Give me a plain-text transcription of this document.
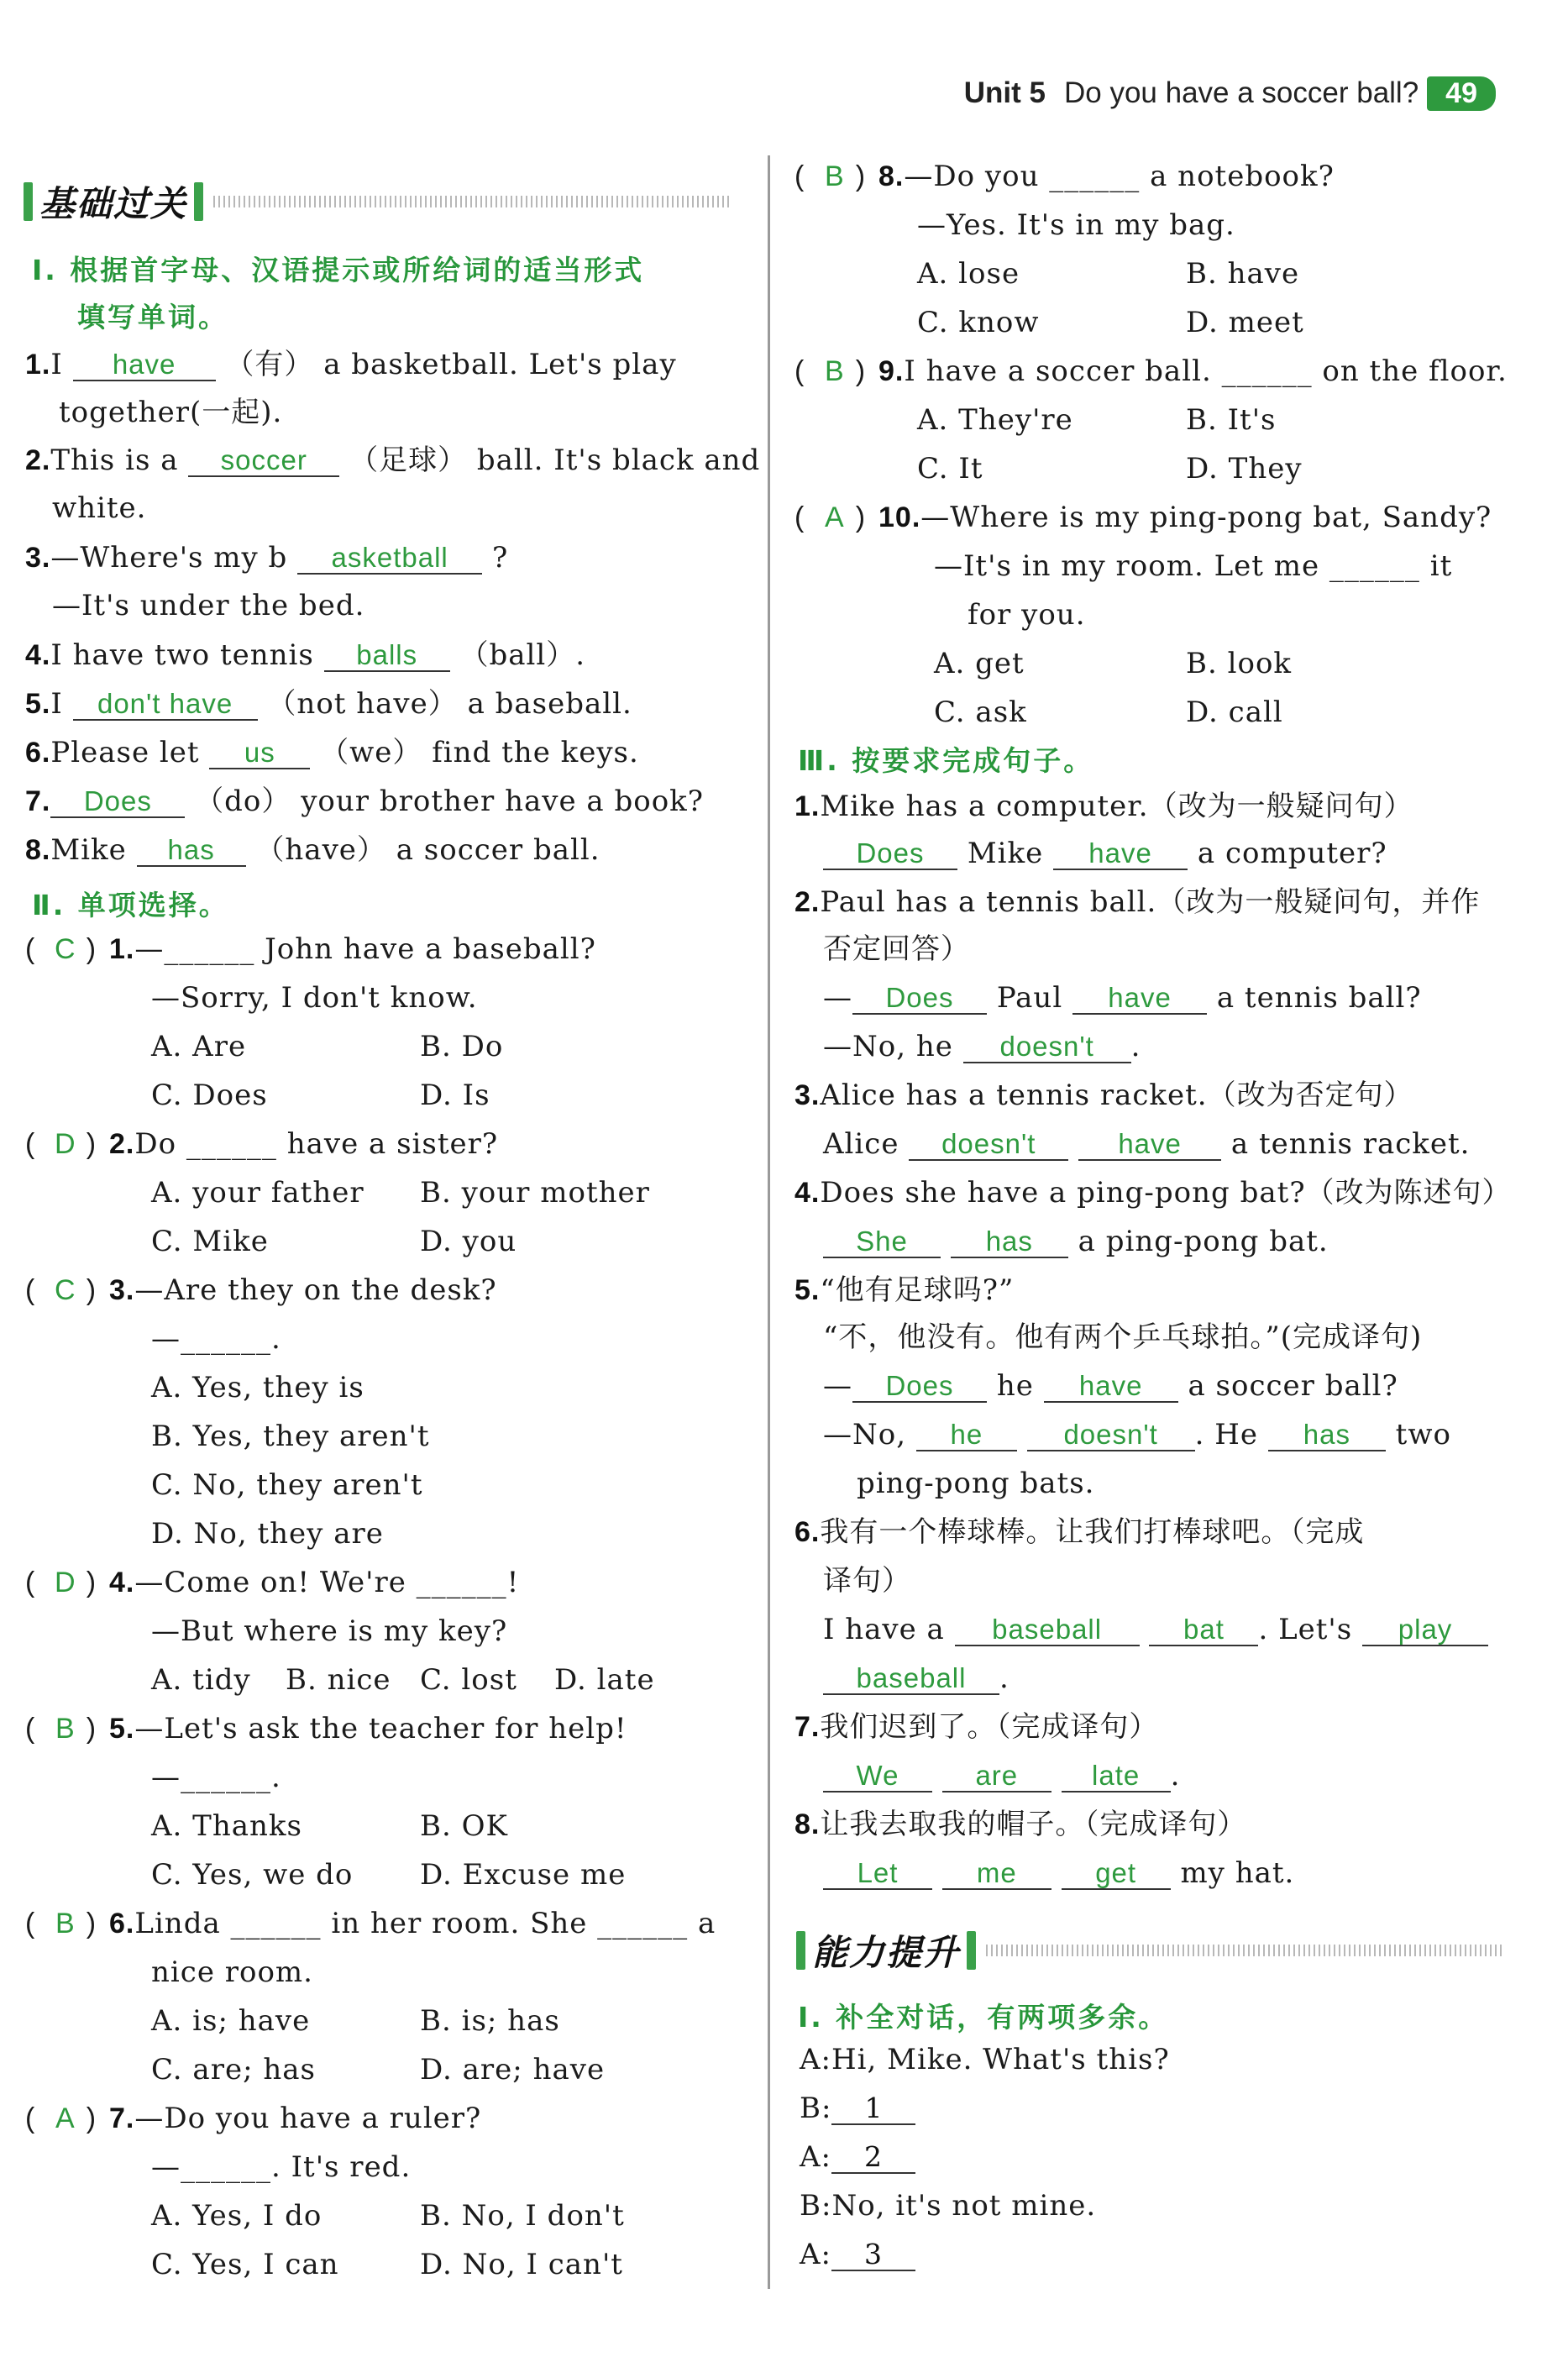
Unit 5 Do you have a soccer ball? 49
基础过关
Ⅰ. 根据首字母、汉语提示或所给词的适当形式
填写单词。
1.I have （有） a basketball. Let's play
together(一起).
2.This is a soccer （足球） ball. It's black and
white.
3.—Where's my b asketball ?
—It's under the bed.
4.I have two tennis balls （ball）.
5.I don't have （not have） a baseball.
6.Please let us （we） find the keys.
7. Does （do） your brother have a book?
8.Mike has （have） a soccer ball.
Ⅱ. 单项选择。
( C ) 1.—______ John have a baseball?
—Sorry, I don't know.
A. Are	B. Do
C. Does	D. Is
( D ) 2.Do ______ have a sister?
A. your father B. your mother
C. Mike	D. you
( C ) 3.—Are they on the desk?
—______.
A. Yes, they is
B. Yes, they aren't
C. No, they aren't
D. No, they are
( D ) 4.—Come on! We're ______!
—But where is my key?
A. tidy B. nice C. lost D. late
( B ) 5.—Let's ask the teacher for help!
—______.
A. Thanks	B. OK
C. Yes, we do D. Excuse me
( B ) 6.Linda ______ in her room. She ______ a
nice room.
A. is; have	B. is; has
C. are; has	D. are; have
( A ) 7.—Do you have a ruler?
—______. It's red.
A. Yes, I do	B. No, I don't
C. Yes, I can	D. No, I can't
( B ) 8.—Do you ______ a notebook?
—Yes. It's in my bag.
A. lose	B. have
C. know	D. meet
( B ) 9.I have a soccer ball. ______ on the floor.
A. They're	B. It's
C. It	D. They
( A ) 10.—Where is my ping-pong bat, Sandy?
—It's in my room. Let me ______ it
for you.
A. get	B. look
C. ask	D. call
Ⅲ. 按要求完成句子。
1.Mike has a computer.（改为一般疑问句）
Does Mike have a computer?
2.Paul has a tennis ball.（改为一般疑问句，并作
否定回答）
— Does Paul have a tennis ball?
—No, he doesn't .
3.Alice has a tennis racket.（改为否定句）
Alice doesn't	have a tennis racket.
4.Does she have a ping-pong bat?（改为陈述句）
She	has a ping-pong bat.
5.“他有足球吗?”
“不，他没有。他有两个乒乓球拍。”(完成译句)
— Does he have a soccer ball?
—No, he	doesn't . He has two
ping-pong bats.
6.我有一个棒球棒。让我们打棒球吧。（完成
译句）
I have a baseball	bat . Let's play
baseball .
7.我们迟到了。（完成译句）
We	are	late .
8.让我去取我的帽子。（完成译句）
Let	me	get my hat.
能力提升
Ⅰ. 补全对话，有两项多余。
A:Hi, Mike. What's this?
B: 1
A: 2
B:No, it's not mine.
A: 3
